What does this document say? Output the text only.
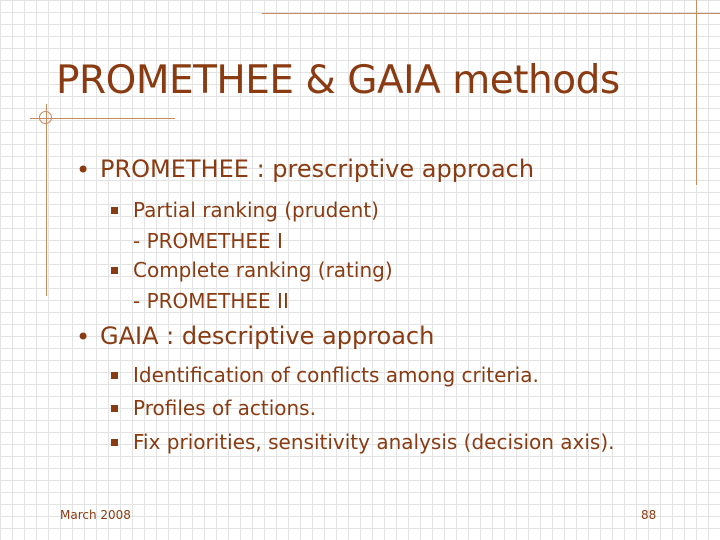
PROMETHEE & GAIA methods
• PROMETHEE : prescriptive approach
Partial ranking (prudent)
- PROMETHEE I
Complete ranking (rating)
- PROMETHEE II
• GAIA : descriptive approach
Identification of conflicts among criteria.
Profiles of actions.
Fix priorities, sensitivity analysis (decision axis).
March 2008	88
